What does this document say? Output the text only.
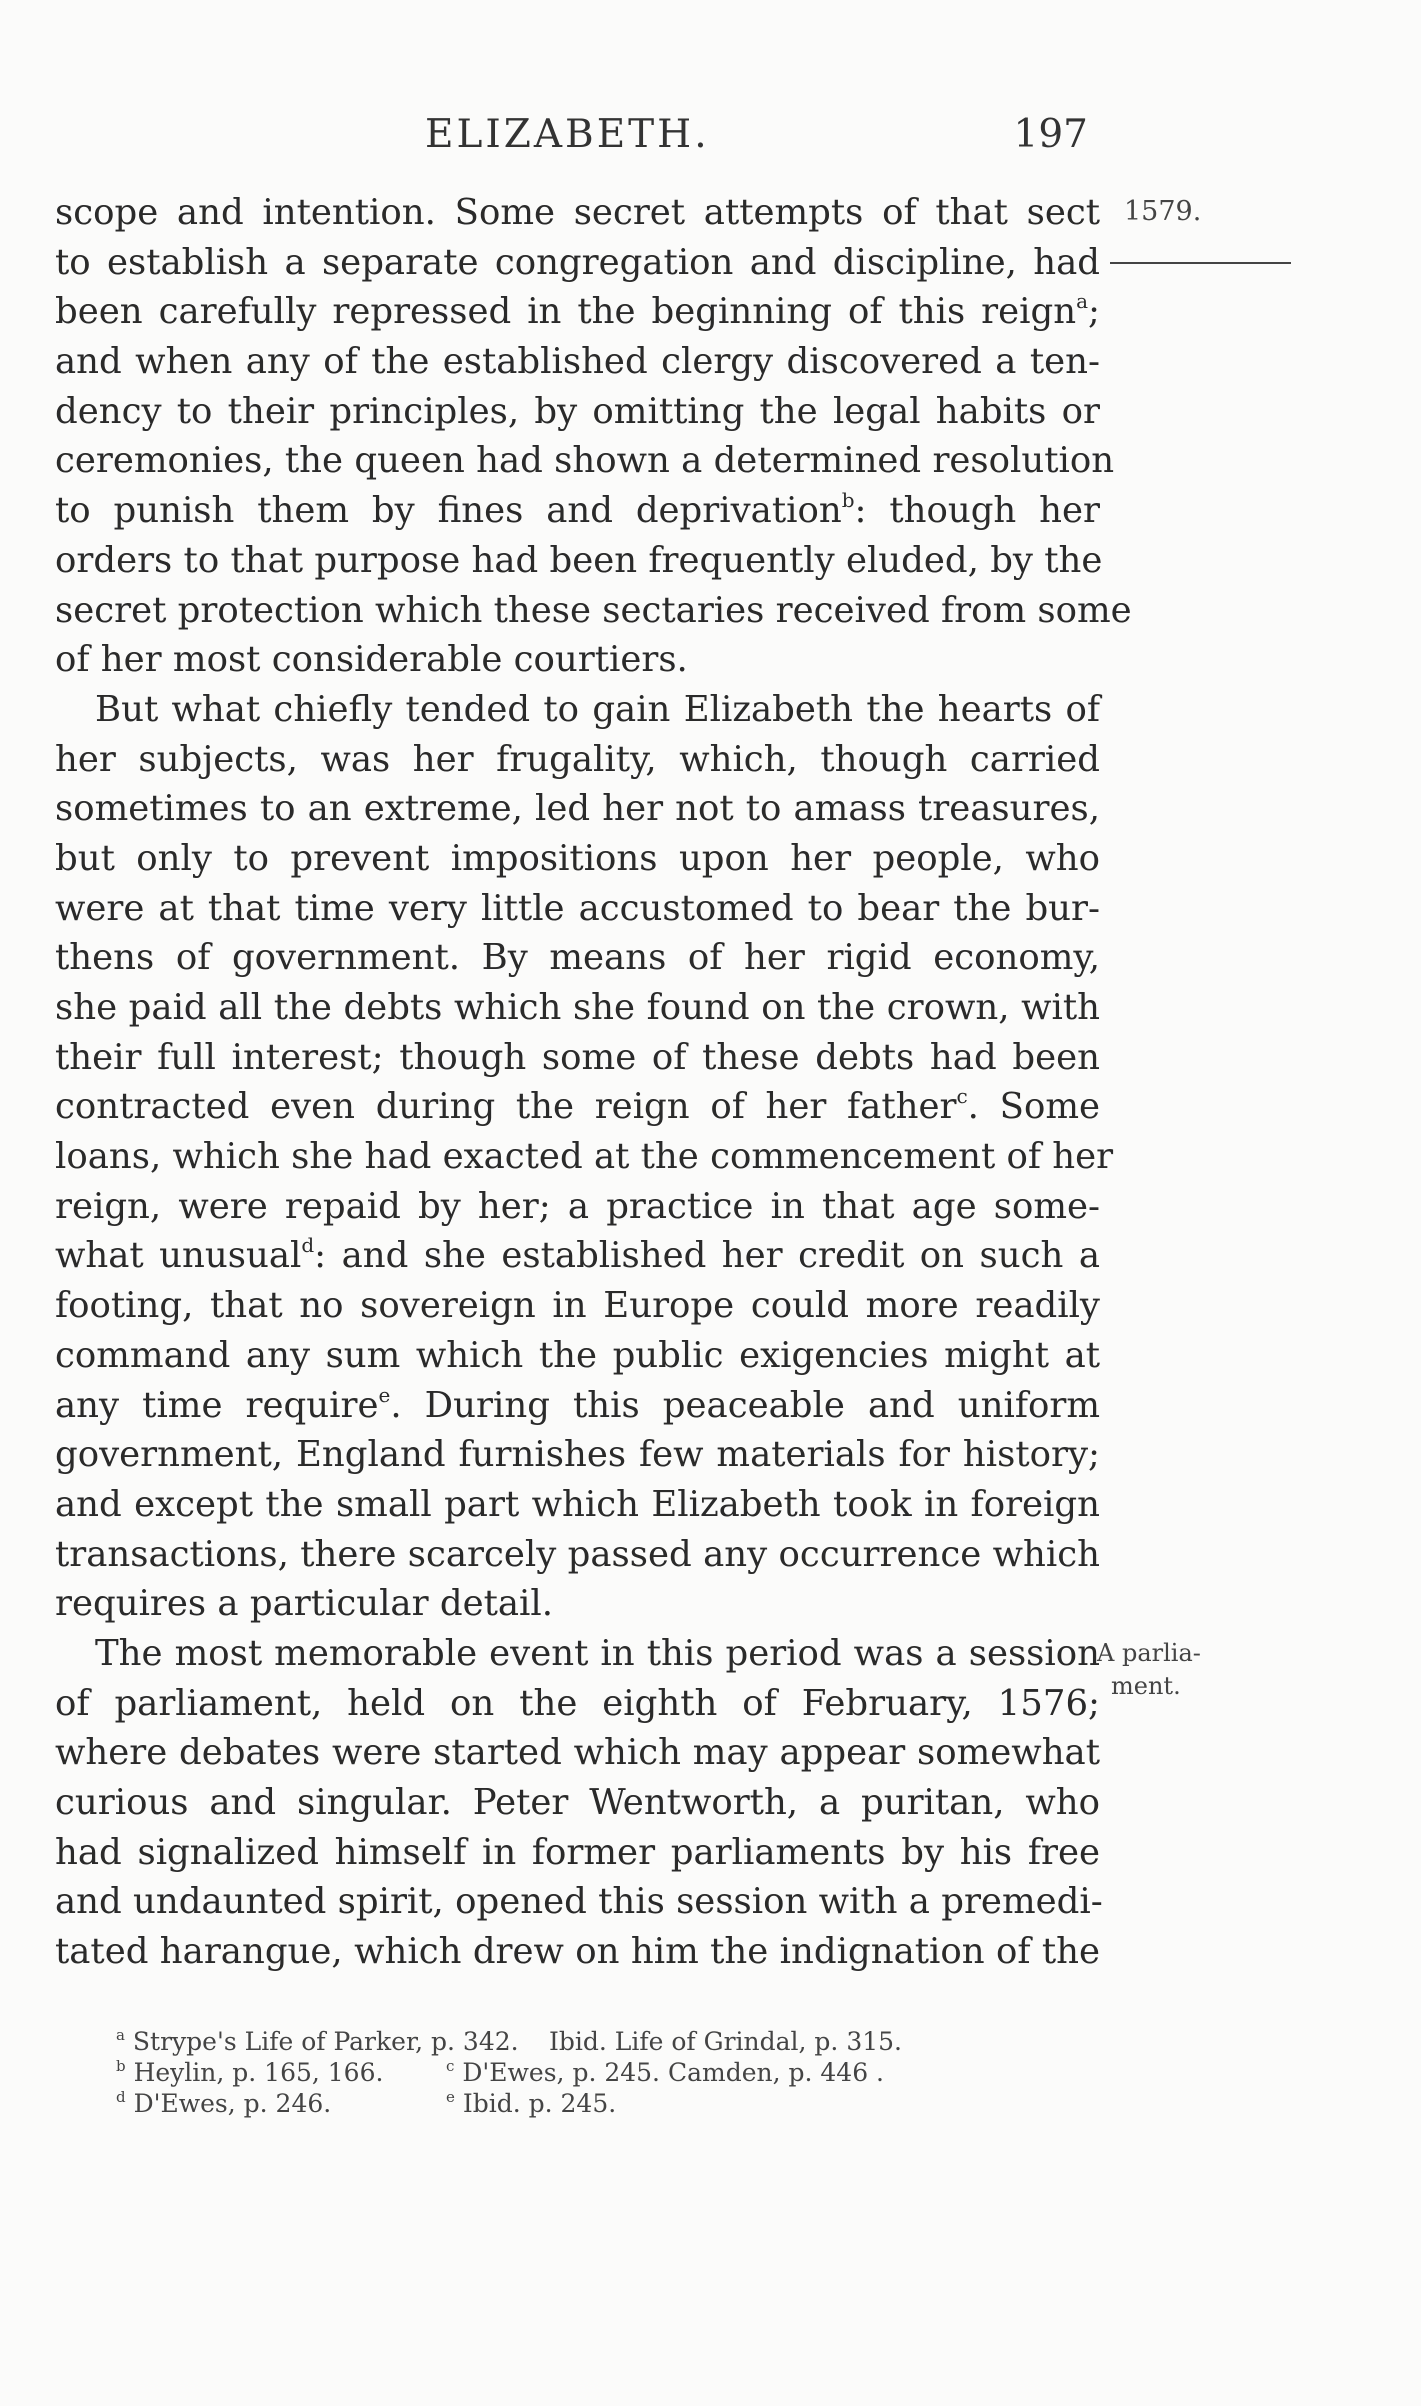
ELIZABETH.	197
1579.
A parlia-
ment.
scope and intention. Some secret attempts of that sect
to establish a separate congregation and discipline, had
been carefully repressed in the beginning of this reign$^a$;
and when any of the established clergy discovered a ten-
dency to their principles, by omitting the legal habits or
ceremonies, the queen had shown a determined resolution
to punish them by fines and deprivation$^b$: though her
orders to that purpose had been frequently eluded, by the
secret protection which these sectaries received from some
of her most considerable courtiers.
But what chiefly tended to gain Elizabeth the hearts of
her subjects, was her frugality, which, though carried
sometimes to an extreme, led her not to amass treasures,
but only to prevent impositions upon her people, who
were at that time very little accustomed to bear the bur-
thens of government. By means of her rigid economy,
she paid all the debts which she found on the crown, with
their full interest; though some of these debts had been
contracted even during the reign of her father$^c$. Some
loans, which she had exacted at the commencement of her
reign, were repaid by her; a practice in that age some-
what unusual$^d$: and she established her credit on such a
footing, that no sovereign in Europe could more readily
command any sum which the public exigencies might at
any time require$^e$. During this peaceable and uniform
government, England furnishes few materials for history;
and except the small part which Elizabeth took in foreign
transactions, there scarcely passed any occurrence which
requires a particular detail.
The most memorable event in this period was a session
of parliament, held on the eighth of February, 1576;
where debates were started which may appear somewhat
curious and singular. Peter Wentworth, a puritan, who
had signalized himself in former parliaments by his free
and undaunted spirit, opened this session with a premedi-
tated harangue, which drew on him the indignation of the
$^a$ Strype's Life of Parker, p. 342. Ibid. Life of Grindal, p. 315.
$^b$ Heylin, p. 165, 166.	$^c$ D'Ewes, p. 245. Camden, p. 446 .
$^d$ D'Ewes, p. 246.	$^e$ Ibid. p. 245.
